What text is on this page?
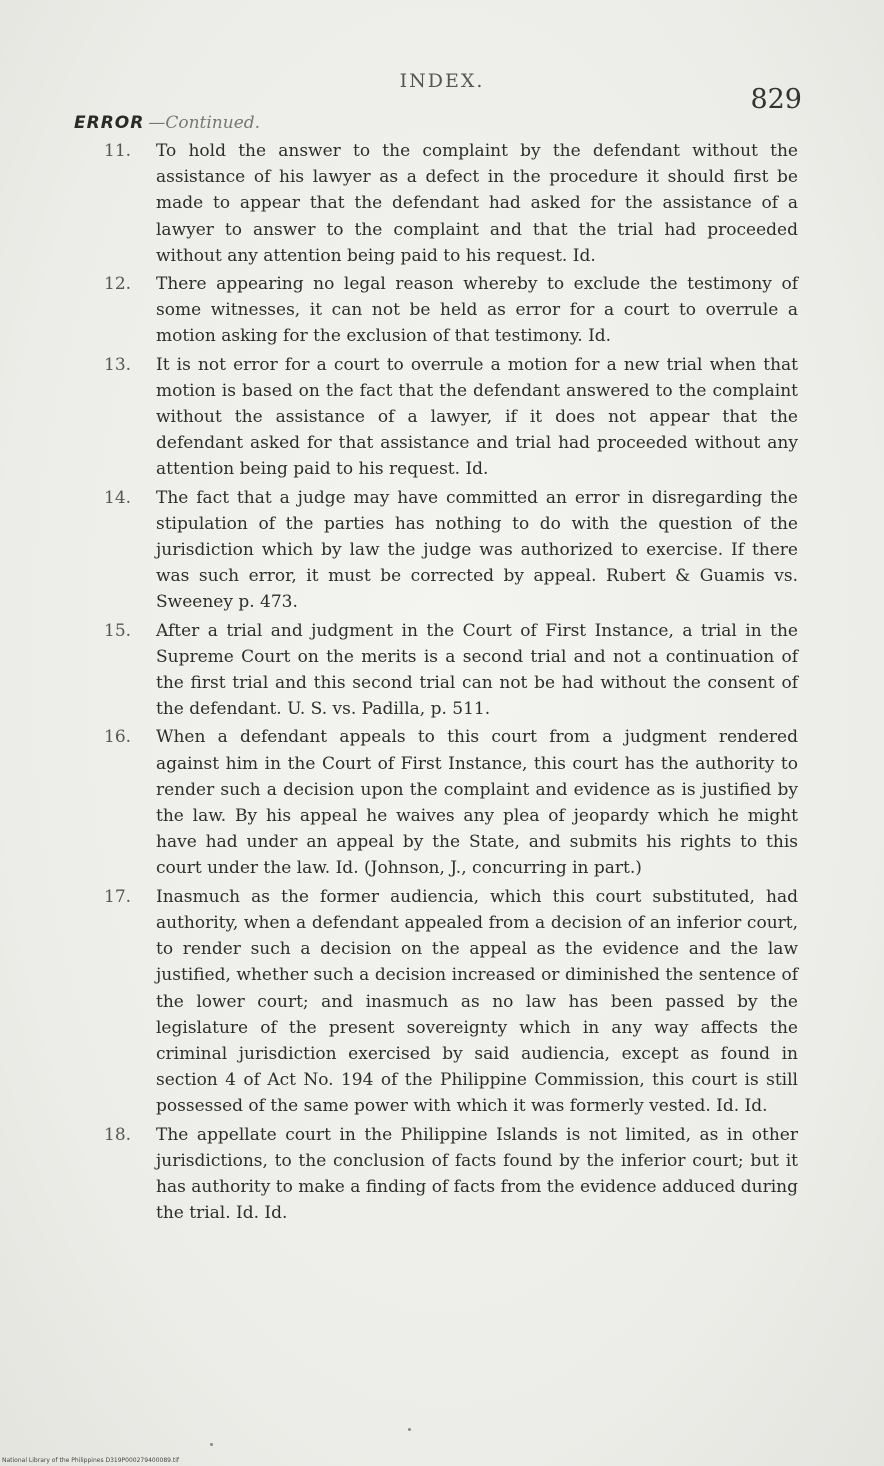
INDEX.
829
ERROR —Continued.
11. To hold the answer to the complaint by the defendant without the assistance of his lawyer as a defect in the procedure it should first be made to appear that the defendant had asked for the assistance of a lawyer to answer to the complaint and that the trial had proceeded without any attention being paid to his request. Id.
12. There appearing no legal reason whereby to exclude the testimony of some witnesses, it can not be held as error for a court to overrule a motion asking for the exclusion of that testimony. Id.
13. It is not error for a court to overrule a motion for a new trial when that motion is based on the fact that the defendant answered to the complaint without the assistance of a lawyer, if it does not appear that the defendant asked for that assistance and trial had proceeded without any attention being paid to his request. Id.
14. The fact that a judge may have committed an error in disregarding the stipulation of the parties has nothing to do with the question of the jurisdiction which by law the judge was authorized to exercise. If there was such error, it must be corrected by appeal. Rubert & Guamis vs. Sweeney p. 473.
15. After a trial and judgment in the Court of First Instance, a trial in the Supreme Court on the merits is a second trial and not a continuation of the first trial and this second trial can not be had without the consent of the defendant. U. S. vs. Padilla, p. 511.
16. When a defendant appeals to this court from a judgment rendered against him in the Court of First Instance, this court has the authority to render such a decision upon the complaint and evidence as is justified by the law. By his appeal he waives any plea of jeopardy which he might have had under an appeal by the State, and submits his rights to this court under the law. Id. (Johnson, J., concurring in part.)
17. Inasmuch as the former audiencia, which this court substituted, had authority, when a defendant appealed from a decision of an inferior court, to render such a decision on the appeal as the evidence and the law justified, whether such a decision increased or diminished the sentence of the lower court; and inasmuch as no law has been passed by the legislature of the present sovereignty which in any way affects the criminal jurisdiction exercised by said audiencia, except as found in section 4 of Act No. 194 of the Philippine Commission, this court is still possessed of the same power with which it was formerly vested. Id. Id.
18. The appellate court in the Philippine Islands is not limited, as in other jurisdictions, to the conclusion of facts found by the inferior court; but it has authority to make a finding of facts from the evidence adduced during the trial. Id. Id.
National Library of the Philippines D319P000279400089.tif
